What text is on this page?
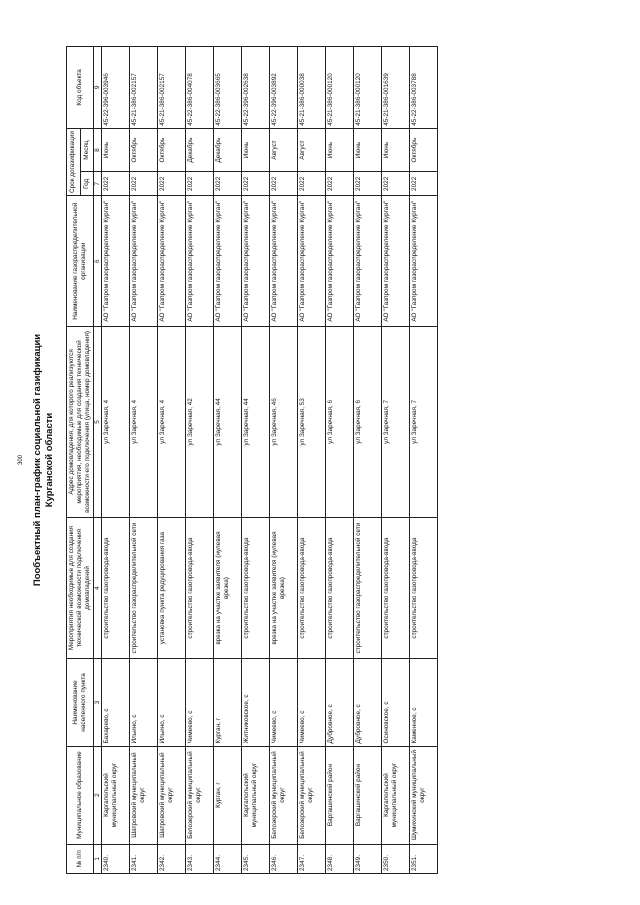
300 Пообъектный план-график социальной газификации
Курганской области

№ п/п	Муниципальное образование	Наименование населенного пункта	Мероприятия необходимые для создания технической возможности подключения домовладений	Адрес домовладения, для которого реализуются мероприятия, необходимые для создания технической возможности его подключения (улица, номер домовладения)	Наименование газораспределительной организации	Срок догазификации		Код объекта
						Год	Месяц	
1	2	3	4	5	6	7	8	9
2340.	Каргапольский муниципальный округ	Бахарево, с	строительство газопровода-ввода	ул Заречная, 4	АО "Газпром газораспределение Курган"	2022	Июнь	45-22-396-003946
2341.	Шатровский муниципальный округ	Ильино, с	строительство газораспределительной сети	ул Заречная, 4	АО "Газпром газораспределение Курган"	2022	Октябрь	45-21-386-002157
2342.	Шатровский муниципальный округ	Ильино, с	установка пункта редуцирования газа	ул Заречная, 4	АО "Газпром газораспределение Курган"	2022	Октябрь	45-21-386-002157
2343.	Белозерский муниципальный округ	Чимеево, с	строительство газопровода-ввода	ул Заречная, 42	АО "Газпром газораспределение Курган"	2022	Декабрь	45-22-386-004078
2344.	Курган, г	Курган, г	врезка на участке заявителя (нулевая врезка)	ул Заречная, 44	АО "Газпром газораспределение Курган"	2022	Декабрь	45-22-386-003665
2345.	Каргапольский муниципальный округ	Житниковское, с	строительство газопровода-ввода	ул Заречная, 44	АО "Газпром газораспределение Курган"	2022	Июнь	45-22-396-002638
2346.	Белозерский муниципальный округ	Чимеево, с	врезка на участке заявителя (нулевая врезка)	ул Заречная, 46	АО "Газпром газораспределение Курган"	2022	Август	45-22-396-003892
2347.	Белозерский муниципальный округ	Чимеево, с	строительство газопровода-ввода	ул Заречная, 53	АО "Газпром газораспределение Курган"	2022	Август	45-21-386-000038
2348.	Варгашинский район	Дубровное, с	строительство газопровода-ввода	ул Заречная, 6	АО "Газпром газораспределение Курган"	2022	Июнь	45-21-386-000120
2349.	Варгашинский район	Дубровное, с	строительство газораспределительной сети	ул Заречная, 6	АО "Газпром газораспределение Курган"	2022	Июнь	45-21-386-000120
2350.	Каргапольский муниципальный округ	Осиновское, с	строительство газопровода-ввода	ул Заречная, 7	АО "Газпром газораспределение Курган"	2022	Июнь	45-21-386-001639
2351.	Шумихинский муниципальный округ	Каменное, с	строительство газопровода-ввода	ул Заречная, 7	АО "Газпром газораспределение Курган"	2022	Октябрь	45-22-386-003788
